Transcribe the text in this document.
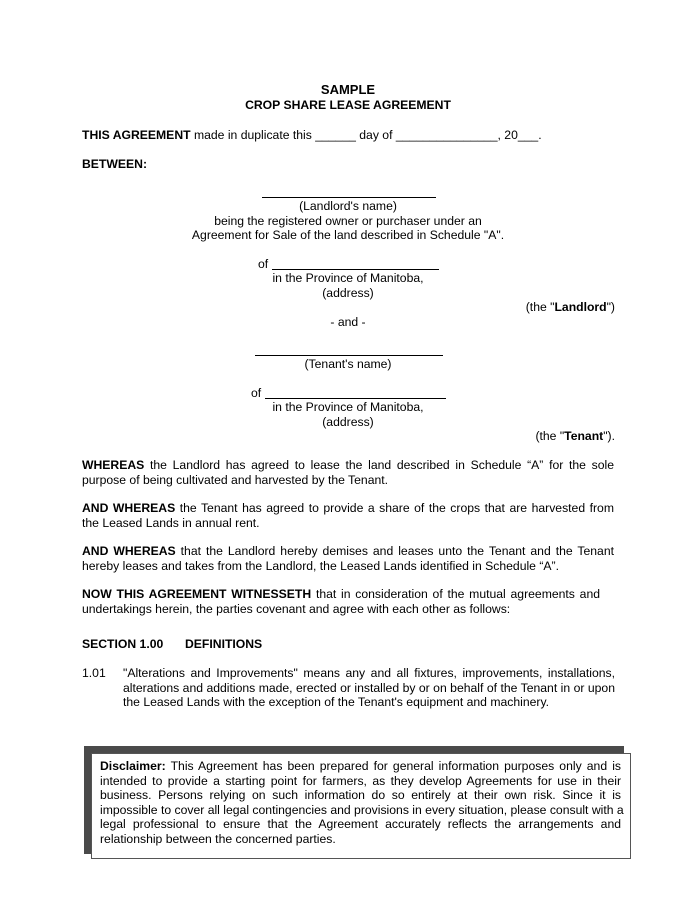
SAMPLE
CROP SHARE LEASE AGREEMENT
THIS AGREEMENT made in duplicate this ______ day of _______________, 20___.
BETWEEN:
(Landlord's name)
being the registered owner or purchaser under an
Agreement for Sale of the land described in Schedule "A".
of
in the Province of Manitoba,
(address)
(the "Landlord")
- and -
(Tenant's name)
of
in the Province of Manitoba,
(address)
(the "Tenant").
WHEREAS the Landlord has agreed to lease the land described in Schedule “A” for the sole
purpose of being cultivated and harvested by the Tenant.
AND WHEREAS the Tenant has agreed to provide a share of the crops that are harvested from
the Leased Lands in annual rent.
AND WHEREAS that the Landlord hereby demises and leases unto the Tenant and the Tenant
hereby leases and takes from the Landlord, the Leased Lands identified in Schedule “A”.
NOW THIS AGREEMENT WITNESSETH that in consideration of the mutual agreements and
undertakings herein, the parties covenant and agree with each other as follows:
SECTION 1.00 DEFINITIONS
1.01 "Alterations and Improvements" means any and all fixtures, improvements, installations,
alterations and additions made, erected or installed by or on behalf of the Tenant in or upon
the Leased Lands with the exception of the Tenant's equipment and machinery.
Disclaimer: This Agreement has been prepared for general information purposes only and is
intended to provide a starting point for farmers, as they develop Agreements for use in their
business. Persons relying on such information do so entirely at their own risk. Since it is
impossible to cover all legal contingencies and provisions in every situation, please consult with a
legal professional to ensure that the Agreement accurately reflects the arrangements and
relationship between the concerned parties.
